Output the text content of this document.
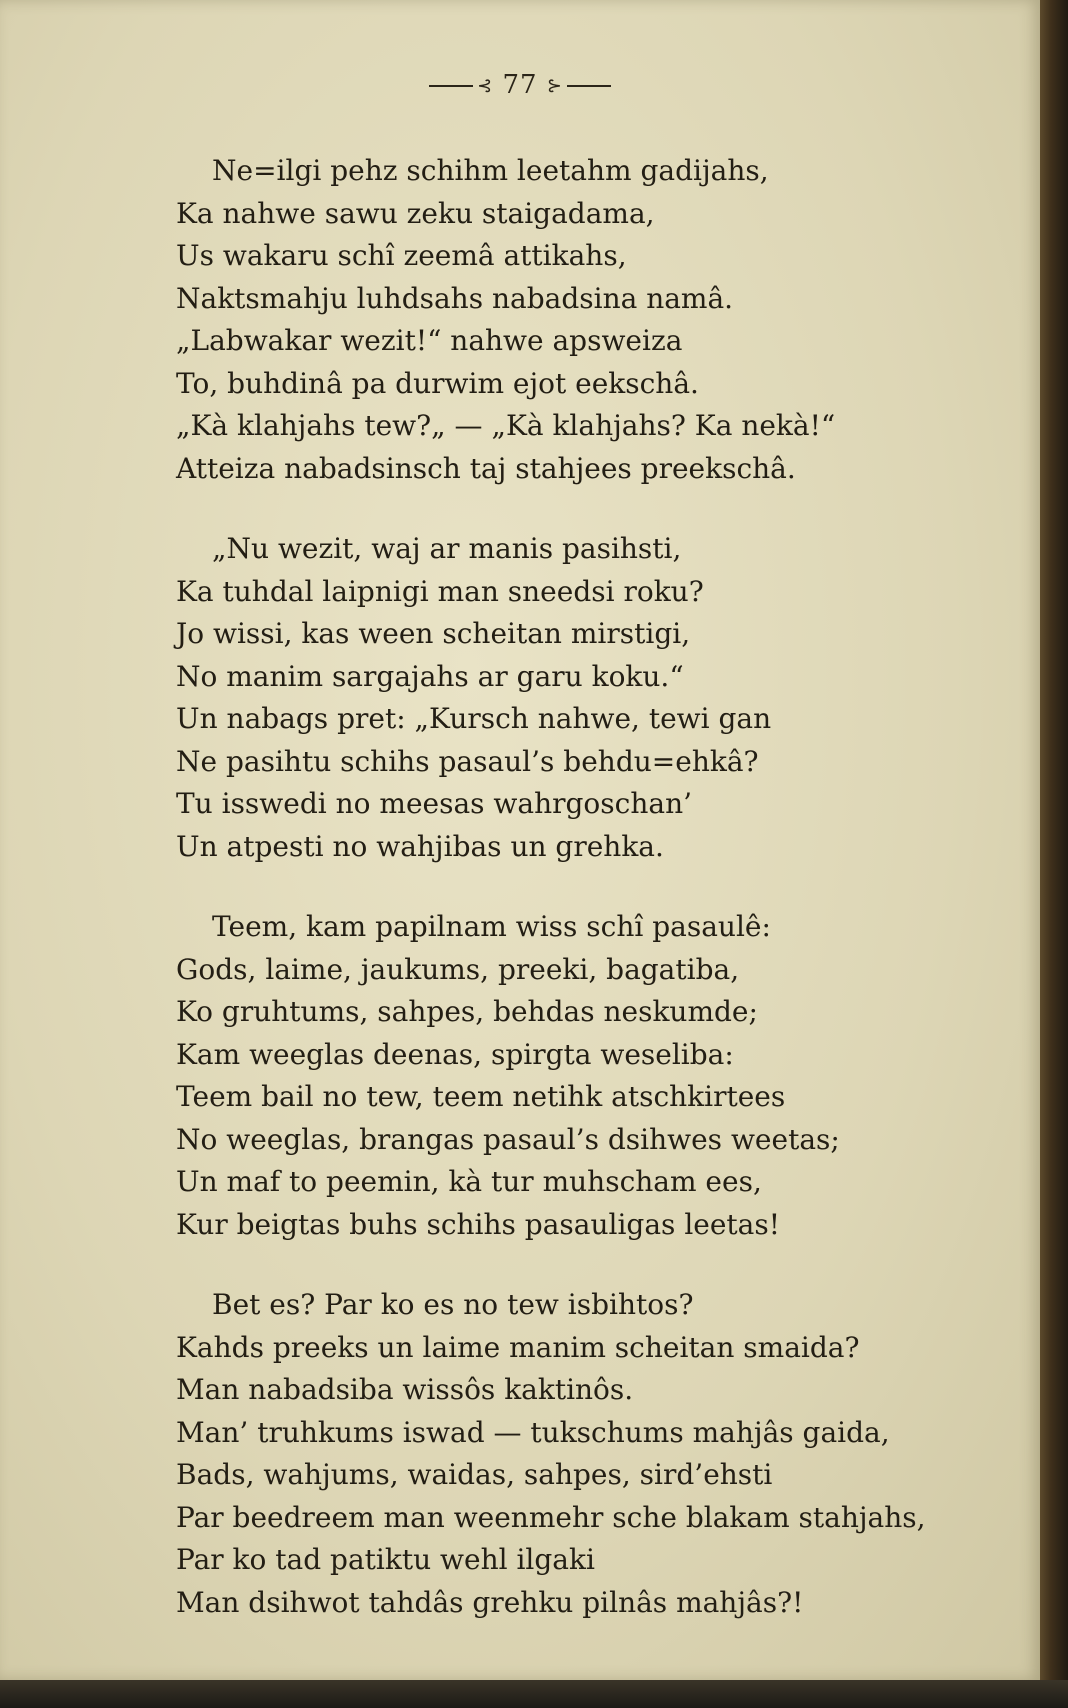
⊰ 77 ⊱
Ne=ilgi pehz schihm leetahm gadijahs,
Ka nahwe sawu zeku staigadama,
Us wakaru schî zeemâ attikahs,
Naktsmahju luhdsahs nabadsina namâ.
„Labwakar wezit!“ nahwe apsweiza
To, buhdinâ pa durwim ejot eekschâ.
„Kà klahjahs tew?„ — „Kà klahjahs? Ka nekà!“
Atteiza nabadsinsch taj stahjees preekschâ.
„Nu wezit, waj ar manis pasihsti,
Ka tuhdal laipnigi man sneedsi roku?
Jo wissi, kas ween scheitan mirstigi,
No manim sargajahs ar garu koku.“
Un nabags pret: „Kursch nahwe, tewi gan
Ne pasihtu schihs pasaul’s behdu=ehkâ?
Tu isswedi no meesas wahrgoschan’
Un atpesti no wahjibas un grehka.
Teem, kam papilnam wiss schî pasaulê:
Gods, laime, jaukums, preeki, bagatiba,
Ko gruhtums, sahpes, behdas neskumde;
Kam weeglas deenas, spirgta weseliba:
Teem bail no tew, teem netihk atschkirtees
No weeglas, brangas pasaul’s dsihwes weetas;
Un maf to peemin, kà tur muhscham ees,
Kur beigtas buhs schihs pasauligas leetas!
Bet es? Par ko es no tew isbihtos?
Kahds preeks un laime manim scheitan smaida?
Man nabadsiba wissôs kaktinôs.
Man’ truhkums iswad — tukschums mahjâs gaida,
Bads, wahjums, waidas, sahpes, sird’ehsti
Par beedreem man weenmehr sche blakam stahjahs,
Par ko tad patiktu wehl ilgaki
Man dsihwot tahdâs grehku pilnâs mahjâs?!
